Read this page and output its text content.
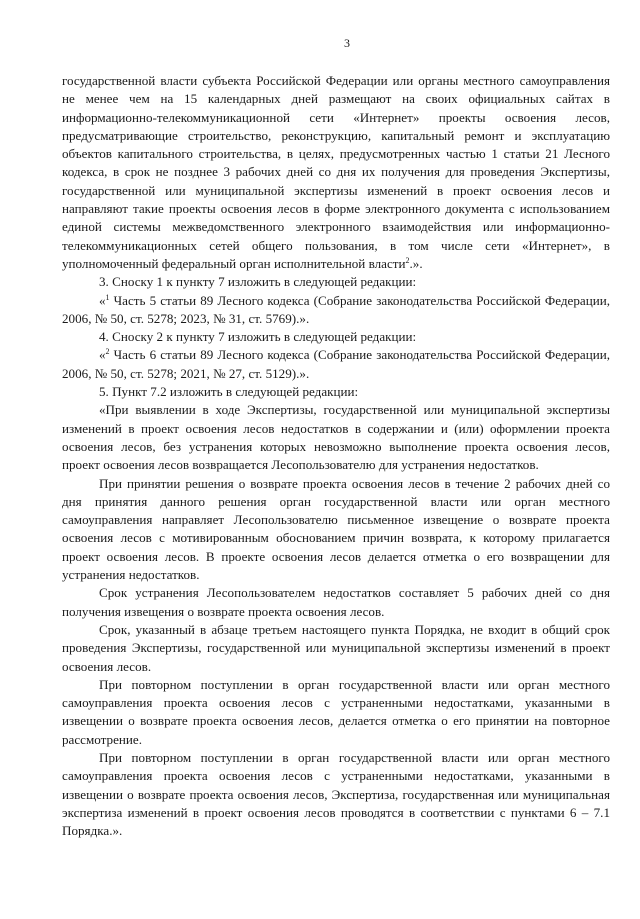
3

государственной власти субъекта Российской Федерации или органы местного самоуправления не менее чем на 15 календарных дней размещают на своих официальных сайтах в информационно-телекоммуникационной сети «Интернет» проекты освоения лесов, предусматривающие строительство, реконструкцию, капитальный ремонт и эксплуатацию объектов капитального строительства, в целях, предусмотренных частью 1 статьи 21 Лесного кодекса, в срок не позднее 3 рабочих дней со дня их получения для проведения Экспертизы, государственной или муниципальной экспертизы изменений в проект освоения лесов и направляют такие проекты освоения лесов в форме электронного документа с использованием единой системы межведомственного электронного взаимодействия или информационно-телекоммуникационных сетей общего пользования, в том числе сети «Интернет», в уполномоченный федеральный орган исполнительной власти$^2$.».

3. Сноску 1 к пункту 7 изложить в следующей редакции:

«$^1$ Часть 5 статьи 89 Лесного кодекса (Собрание законодательства Российской Федерации, 2006, № 50, ст. 5278; 2023, № 31, ст. 5769).».

4. Сноску 2 к пункту 7 изложить в следующей редакции:

«$^2$ Часть 6 статьи 89 Лесного кодекса (Собрание законодательства Российской Федерации, 2006, № 50, ст. 5278; 2021, № 27, ст. 5129).».

5. Пункт 7.2 изложить в следующей редакции:

«При выявлении в ходе Экспертизы, государственной или муниципальной экспертизы изменений в проект освоения лесов недостатков в содержании и (или) оформлении проекта освоения лесов, без устранения которых невозможно выполнение проекта освоения лесов, проект освоения лесов возвращается Лесопользователю для устранения недостатков.

При принятии решения о возврате проекта освоения лесов в течение 2 рабочих дней со дня принятия данного решения орган государственной власти или орган местного самоуправления направляет Лесопользователю письменное извещение о возврате проекта освоения лесов с мотивированным обоснованием причин возврата, к которому прилагается проект освоения лесов. В проекте освоения лесов делается отметка о его возвращении для устранения недостатков.

Срок устранения Лесопользователем недостатков составляет 5 рабочих дней со дня получения извещения о возврате проекта освоения лесов.

Срок, указанный в абзаце третьем настоящего пункта Порядка, не входит в общий срок проведения Экспертизы, государственной или муниципальной экспертизы изменений в проект освоения лесов.

При повторном поступлении в орган государственной власти или орган местного самоуправления проекта освоения лесов с устраненными недостатками, указанными в извещении о возврате проекта освоения лесов, делается отметка о его принятии на повторное рассмотрение.

При повторном поступлении в орган государственной власти или орган местного самоуправления проекта освоения лесов с устраненными недостатками, указанными в извещении о возврате проекта освоения лесов, Экспертиза, государственная или муниципальная экспертиза изменений в проект освоения лесов проводятся в соответствии с пунктами 6 – 7.1 Порядка.».
